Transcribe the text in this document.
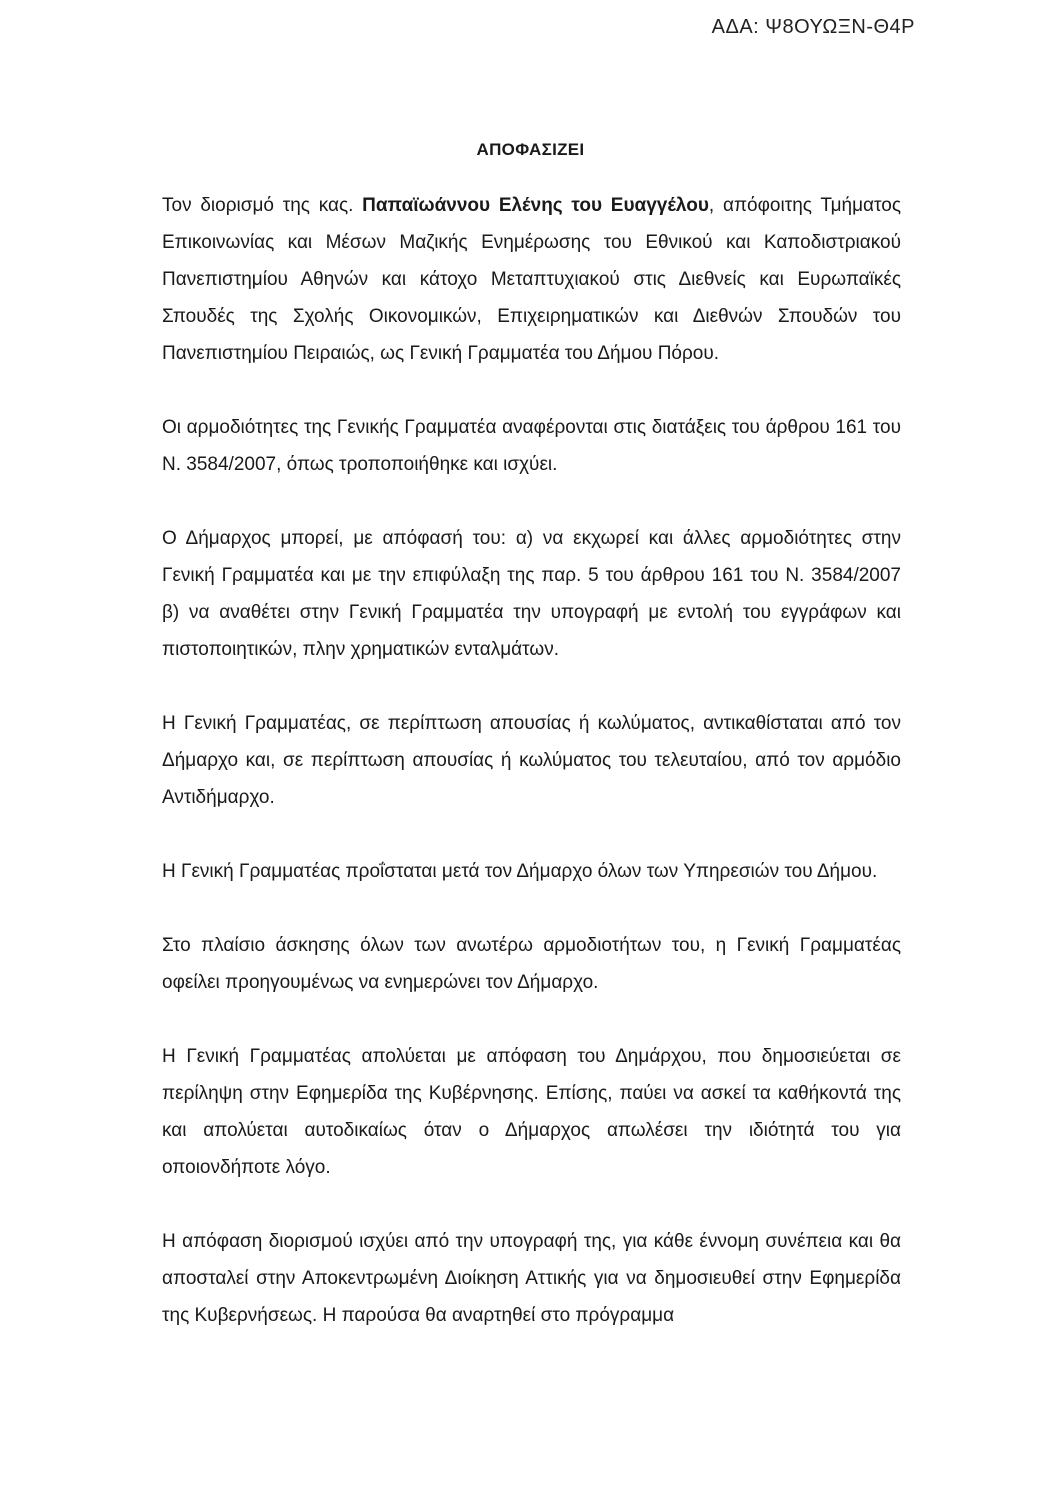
ΑΔΑ: Ψ8ΟΥΩΞΝ-Θ4Ρ
ΑΠΟΦΑΣΙΖΕΙ

Τον διορισμό της κας. Παπαϊωάννου Ελένης του Ευαγγέλου, απόφοιτης Τμήματος Επικοινωνίας και Μέσων Μαζικής Ενημέρωσης του Εθνικού και Καποδιστριακού Πανεπιστημίου Αθηνών και κάτοχο Μεταπτυχιακού στις Διεθνείς και Ευρωπαϊκές Σπουδές της Σχολής Οικονομικών, Επιχειρηματικών και Διεθνών Σπουδών του Πανεπιστημίου Πειραιώς, ως Γενική Γραμματέα του Δήμου Πόρου.

Οι αρμοδιότητες της Γενικής Γραμματέα αναφέρονται στις διατάξεις του άρθρου 161 του Ν. 3584/2007, όπως τροποποιήθηκε και ισχύει.

Ο Δήμαρχος μπορεί, με απόφασή του: α) να εκχωρεί και άλλες αρμοδιότητες στην Γενική Γραμματέα και με την επιφύλαξη της παρ. 5 του άρθρου 161 του Ν. 3584/2007 β) να αναθέτει στην Γενική Γραμματέα την υπογραφή με εντολή του εγγράφων και πιστοποιητικών, πλην χρηματικών ενταλμάτων.

Η Γενική Γραμματέας, σε περίπτωση απουσίας ή κωλύματος, αντικαθίσταται από τον Δήμαρχο και, σε περίπτωση απουσίας ή κωλύματος του τελευταίου, από τον αρμόδιο Αντιδήμαρχο.

Η Γενική Γραμματέας προΐσταται μετά τον Δήμαρχο όλων των Υπηρεσιών του Δήμου.

Στο πλαίσιο άσκησης όλων των ανωτέρω αρμοδιοτήτων του, η Γενική Γραμματέας οφείλει προηγουμένως να ενημερώνει τον Δήμαρχο.

Η Γενική Γραμματέας απολύεται με απόφαση του Δημάρχου, που δημοσιεύεται σε περίληψη στην Εφημερίδα της Κυβέρνησης. Επίσης, παύει να ασκεί τα καθήκοντά της και απολύεται αυτοδικαίως όταν ο Δήμαρχος απωλέσει την ιδιότητά του για οποιονδήποτε λόγο.

Η απόφαση διορισμού ισχύει από την υπογραφή της, για κάθε έννομη συνέπεια και θα αποσταλεί στην Αποκεντρωμένη Διοίκηση Αττικής για να δημοσιευθεί στην Εφημερίδα της Κυβερνήσεως. Η παρούσα θα αναρτηθεί στο πρόγραμμα
